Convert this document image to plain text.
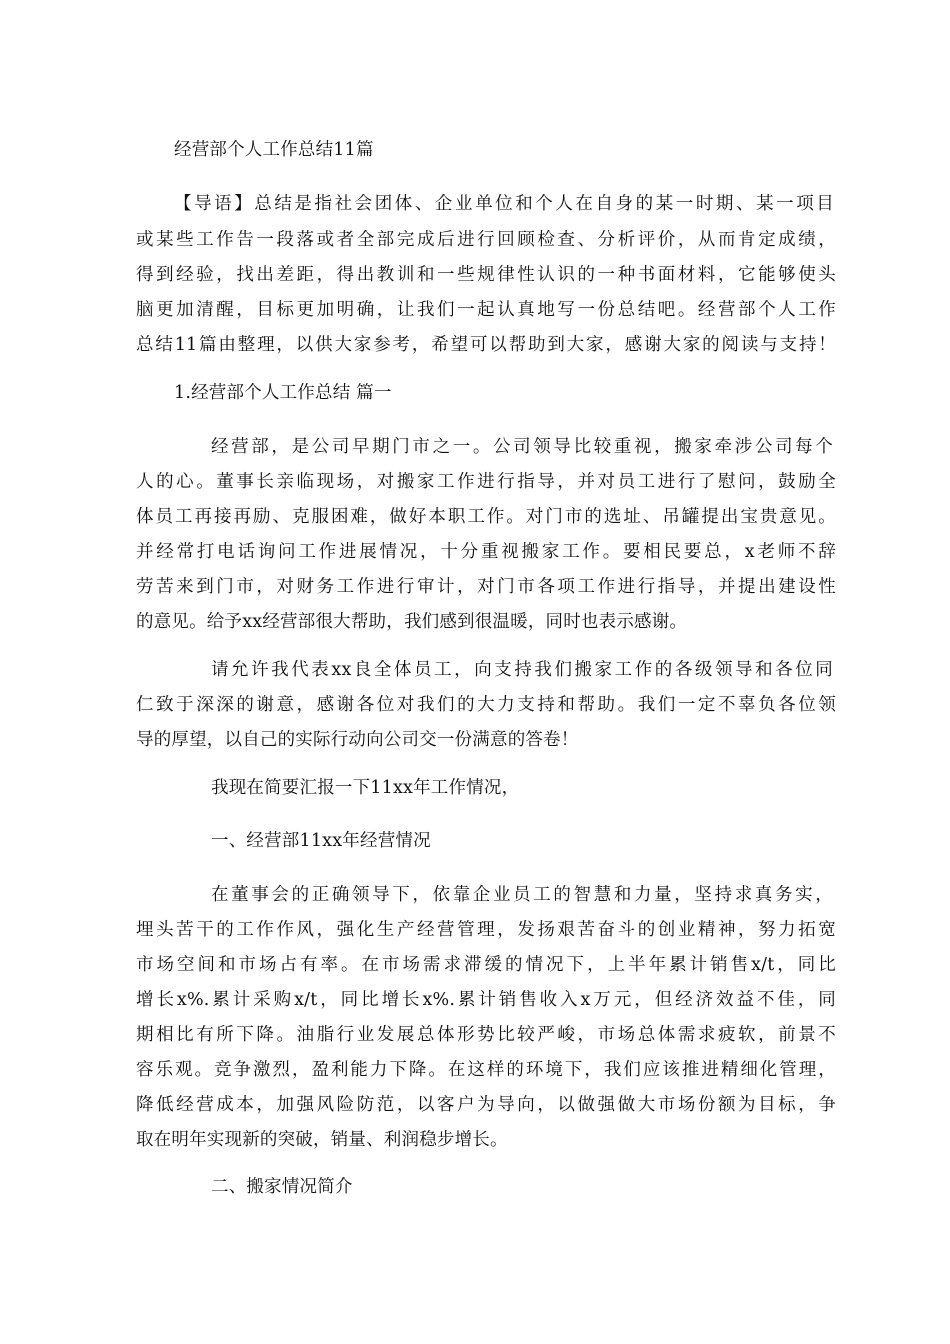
经营部个人工作总结11篇
【导语】总结是指社会团体、企业单位和个人在自身的某一时期、某一项目
或某些工作告一段落或者全部完成后进行回顾检查、分析评价，从而肯定成绩，
得到经验，找出差距，得出教训和一些规律性认识的一种书面材料，它能够使头
脑更加清醒，目标更加明确，让我们一起认真地写一份总结吧。经营部个人工作
总结11篇由整理，以供大家参考，希望可以帮助到大家，感谢大家的阅读与支持！
1.经营部个人工作总结 篇一
经营部，是公司早期门市之一。公司领导比较重视，搬家牵涉公司每个
人的心。董事长亲临现场，对搬家工作进行指导，并对员工进行了慰问，鼓励全
体员工再接再励、克服困难，做好本职工作。对门市的选址、吊罐提出宝贵意见。
并经常打电话询问工作进展情况，十分重视搬家工作。要相民要总，x老师不辞
劳苦来到门市，对财务工作进行审计，对门市各项工作进行指导，并提出建设性
的意见。给予xx经营部很大帮助，我们感到很温暖，同时也表示感谢。
请允许我代表xx良全体员工，向支持我们搬家工作的各级领导和各位同
仁致于深深的谢意，感谢各位对我们的大力支持和帮助。我们一定不辜负各位领
导的厚望，以自己的实际行动向公司交一份满意的答卷！
我现在简要汇报一下11xx年工作情况，
一、经营部11xx年经营情况
在董事会的正确领导下，依靠企业员工的智慧和力量，坚持求真务实，
埋头苦干的工作作风，强化生产经营管理，发扬艰苦奋斗的创业精神，努力拓宽
市场空间和市场占有率。在市场需求滞缓的情况下，上半年累计销售x/t，同比
增长x%.累计采购x/t，同比增长x%.累计销售收入x万元，但经济效益不佳，同
期相比有所下降。油脂行业发展总体形势比较严峻，市场总体需求疲软，前景不
容乐观。竞争激烈，盈利能力下降。在这样的环境下，我们应该推进精细化管理，
降低经营成本，加强风险防范，以客户为导向，以做强做大市场份额为目标，争
取在明年实现新的突破，销量、利润稳步增长。
二、搬家情况简介
